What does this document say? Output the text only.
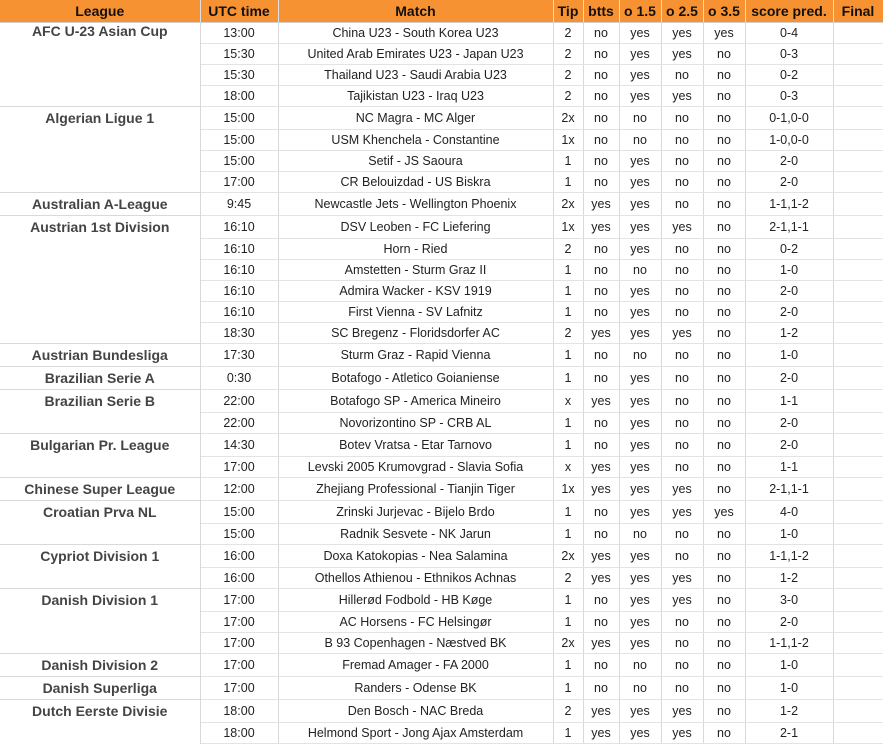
League	UTC time	Match	Tip	btts	o 1.5	o 2.5	o 3.5	score pred.	Final
AFC U-23 Asian Cup	13:00	China U23 - South Korea U23	2	no	yes	yes	yes	0-4	
	15:30	United Arab Emirates U23 - Japan U23	2	no	yes	yes	no	0-3	
	15:30	Thailand U23 - Saudi Arabia U23	2	no	yes	no	no	0-2	
	18:00	Tajikistan U23 - Iraq U23	2	no	yes	yes	no	0-3	
Algerian Ligue 1	15:00	NC Magra - MC Alger	2x	no	no	no	no	0-1,0-0	
	15:00	USM Khenchela - Constantine	1x	no	no	no	no	1-0,0-0	
	15:00	Setif - JS Saoura	1	no	yes	no	no	2-0	
	17:00	CR Belouizdad - US Biskra	1	no	yes	no	no	2-0	
Australian A-League	9:45	Newcastle Jets - Wellington Phoenix	2x	yes	yes	no	no	1-1,1-2	
Austrian 1st Division	16:10	DSV Leoben - FC Liefering	1x	yes	yes	yes	no	2-1,1-1	
	16:10	Horn - Ried	2	no	yes	no	no	0-2	
	16:10	Amstetten - Sturm Graz II	1	no	no	no	no	1-0	
	16:10	Admira Wacker - KSV 1919	1	no	yes	no	no	2-0	
	16:10	First Vienna - SV Lafnitz	1	no	yes	no	no	2-0	
	18:30	SC Bregenz - Floridsdorfer AC	2	yes	yes	yes	no	1-2	
Austrian Bundesliga	17:30	Sturm Graz - Rapid Vienna	1	no	no	no	no	1-0	
Brazilian Serie A	0:30	Botafogo - Atletico Goianiense	1	no	yes	no	no	2-0	
Brazilian Serie B	22:00	Botafogo SP - America Mineiro	x	yes	yes	no	no	1-1	
	22:00	Novorizontino SP - CRB AL	1	no	yes	no	no	2-0	
Bulgarian Pr. League	14:30	Botev Vratsa - Etar Tarnovo	1	no	yes	no	no	2-0	
	17:00	Levski 2005 Krumovgrad - Slavia Sofia	x	yes	yes	no	no	1-1	
Chinese Super League	12:00	Zhejiang Professional - Tianjin Tiger	1x	yes	yes	yes	no	2-1,1-1	
Croatian Prva NL	15:00	Zrinski Jurjevac - Bijelo Brdo	1	no	yes	yes	yes	4-0	
	15:00	Radnik Sesvete - NK Jarun	1	no	no	no	no	1-0	
Cypriot Division 1	16:00	Doxa Katokopias - Nea Salamina	2x	yes	yes	no	no	1-1,1-2	
	16:00	Othellos Athienou - Ethnikos Achnas	2	yes	yes	yes	no	1-2	
Danish Division 1	17:00	Hillerød Fodbold - HB Køge	1	no	yes	yes	no	3-0	
	17:00	AC Horsens - FC Helsingør	1	no	yes	no	no	2-0	
	17:00	B 93 Copenhagen - Næstved BK	2x	yes	yes	no	no	1-1,1-2	
Danish Division 2	17:00	Fremad Amager - FA 2000	1	no	no	no	no	1-0	
Danish Superliga	17:00	Randers - Odense BK	1	no	no	no	no	1-0	
Dutch Eerste Divisie	18:00	Den Bosch - NAC Breda	2	yes	yes	yes	no	1-2	
	18:00	Helmond Sport - Jong Ajax Amsterdam	1	yes	yes	yes	no	2-1	
